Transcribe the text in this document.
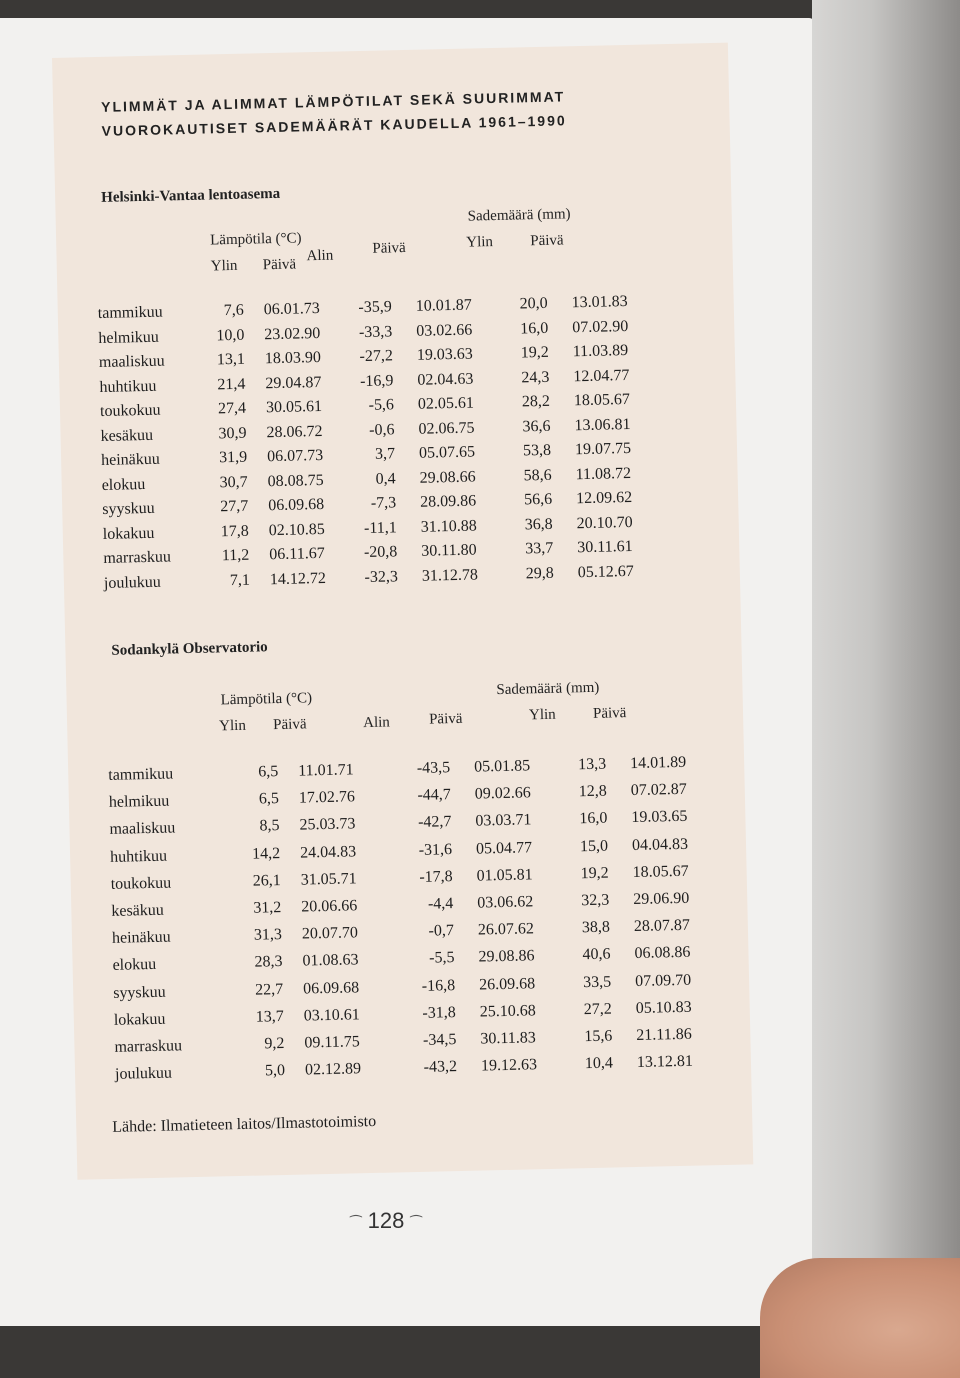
YLIMMÄT JA ALIMMAT LÄMPÖTILAT SEKÄ SUURIMMAT
VUOROKAUTISET SADEMÄÄRÄT KAUDELLA 1961–1990
Helsinki-Vantaa lentoasema
Sademäärä (mm)
Lämpötila (°C)	Ylin Päivä
Päivä
Alin
Ylin Päivä
tammikuu	7,6 06.01.73	-35,9 10.01.87	20,0 13.01.83
helmikuu	10,0 23.02.90	-33,3 03.02.66	16,0 07.02.90
maaliskuu	13,1 18.03.90	-27,2 19.03.63	19,2 11.03.89
huhtikuu	21,4 29.04.87	-16,9 02.04.63	24,3 12.04.77
toukokuu	27,4 30.05.61	-5,6 02.05.61	28,2 18.05.67
kesäkuu	30,9 28.06.72	-0,6 02.06.75	36,6 13.06.81
heinäkuu	31,9 06.07.73	3,7 05.07.65	53,8 19.07.75
elokuu	30,7 08.08.75	0,4 29.08.66	58,6 11.08.72
syyskuu	27,7 06.09.68	-7,3 28.09.86	56,6 12.09.62
lokakuu	17,8 02.10.85	-11,1 31.10.88	36,8 20.10.70
marraskuu	11,2 06.11.67	-20,8 30.11.80	33,7 30.11.61
joulukuu	7,1 14.12.72	-32,3 31.12.78	29,8 05.12.67
Sodankylä Observatorio
Lämpötila (°C)
Sademäärä (mm)
Ylin Päivä	Alin	Päivä	Ylin Päivä
tammikuu	6,5 11.01.71	-43,5 05.01.85	13,3 14.01.89
helmikuu	6,5 17.02.76	-44,7 09.02.66	12,8 07.02.87
maaliskuu	8,5 25.03.73	-42,7 03.03.71	16,0 19.03.65
huhtikuu	14,2 24.04.83	-31,6 05.04.77	15,0 04.04.83
toukokuu	26,1 31.05.71	-17,8 01.05.81	19,2 18.05.67
kesäkuu	31,2 20.06.66	-4,4 03.06.62	32,3 29.06.90
heinäkuu	31,3 20.07.70	-0,7 26.07.62	38,8 28.07.87
elokuu	28,3 01.08.63	-5,5 29.08.86	40,6 06.08.86
syyskuu	22,7 06.09.68	-16,8 26.09.68	33,5 07.09.70
lokakuu	13,7 03.10.61	-31,8 25.10.68	27,2 05.10.83
marraskuu	9,2 09.11.75	-34,5 30.11.83	15,6 21.11.86
joulukuu	5,0 02.12.89	-43,2 19.12.63	10,4 13.12.81
Lähde: Ilmatieteen laitos/Ilmastotoimisto
⁀ 128 ⁀
